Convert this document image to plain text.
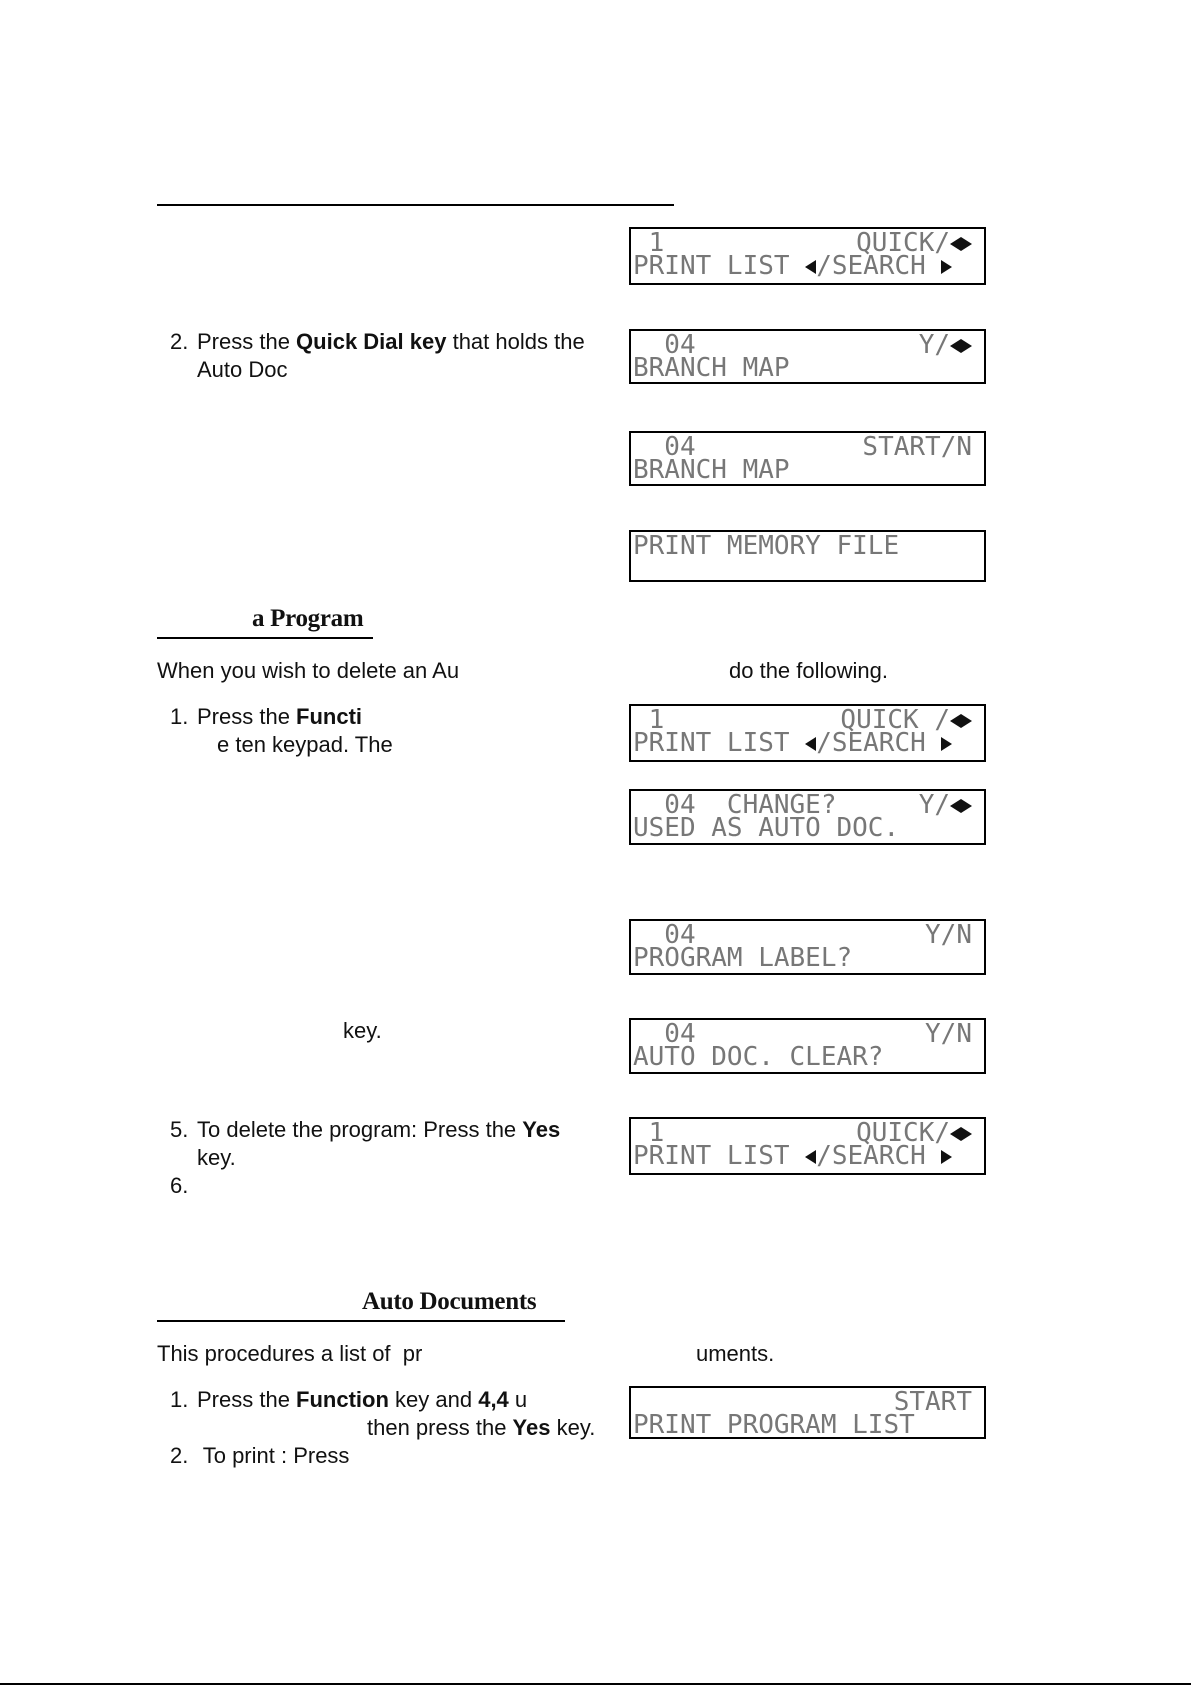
1	QUICK/
PRINT LIST /SEARCH
2. Press the Quick Dial key that holds the
Auto Doc
04	Y/
BRANCH MAP
04	START/N
BRANCH MAP
PRINT MEMORY FILE
a Program
When you wish to delete an Au	do the following.
1. Press the Functi
e ten keypad. The
1	QUICK /
PRINT LIST /SEARCH
04  CHANGE?	Y/
USED AS AUTO DOC.
04	Y/N
PROGRAM LABEL?
key.	04	Y/N
AUTO DOC. CLEAR?
5. To delete the program: Press the Yes
key.
6.
1	QUICK/
PRINT LIST /SEARCH
Auto Documents
This procedures a list of  pr	uments.
1. Press the Function key and 4,4 u
then press the Yes key.
2. To print : Press
START
PRINT PROGRAM LIST
